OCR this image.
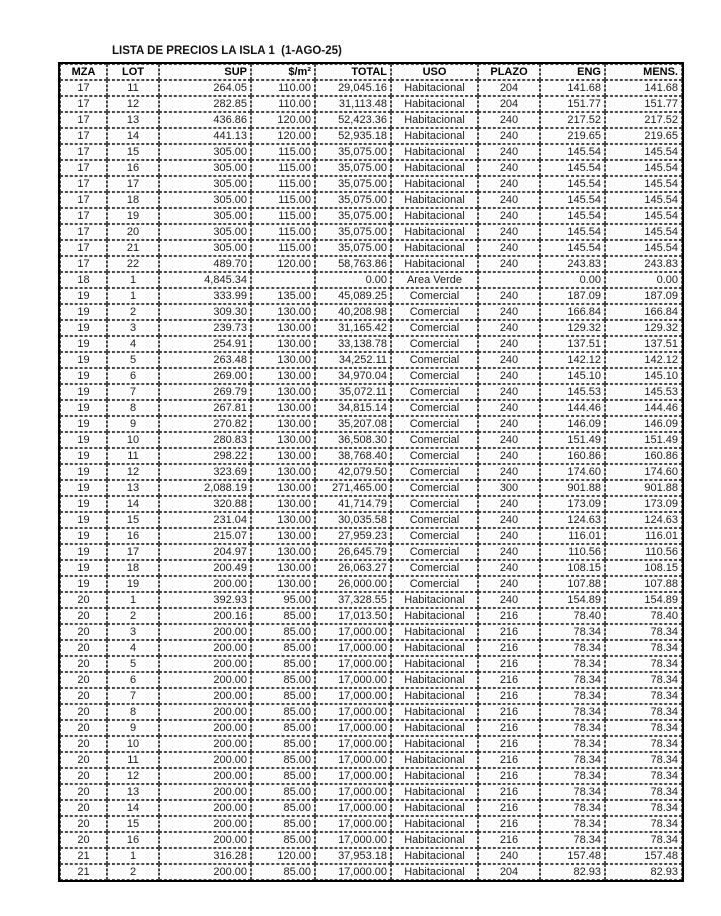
LISTA DE PRECIOS LA ISLA 1  (1-AGO-25)
MZA	LOT	SUP	$/m²	TOTAL	USO	PLAZO	ENG	MENS.
17	11	264.05	110.00	29,045.16	Habitacional	204	141.68	141.68
17	12	282.85	110.00	31,113.48	Habitacional	204	151.77	151.77
17	13	436.86	120.00	52,423.36	Habitacional	240	217.52	217.52
17	14	441.13	120.00	52,935.18	Habitacional	240	219.65	219.65
17	15	305.00	115.00	35,075.00	Habitacional	240	145.54	145.54
17	16	305.00	115.00	35,075.00	Habitacional	240	145.54	145.54
17	17	305.00	115.00	35,075.00	Habitacional	240	145.54	145.54
17	18	305.00	115.00	35,075.00	Habitacional	240	145.54	145.54
17	19	305.00	115.00	35,075.00	Habitacional	240	145.54	145.54
17	20	305.00	115.00	35,075.00	Habitacional	240	145.54	145.54
17	21	305.00	115.00	35,075.00	Habitacional	240	145.54	145.54
17	22	489.70	120.00	58,763.86	Habitacional	240	243.83	243.83
18	1	4,845.34		0.00	Area Verde		0.00	0.00
19	1	333.99	135.00	45,089.25	Comercial	240	187.09	187.09
19	2	309.30	130.00	40,208.98	Comercial	240	166.84	166.84
19	3	239.73	130.00	31,165.42	Comercial	240	129.32	129.32
19	4	254.91	130.00	33,138.78	Comercial	240	137.51	137.51
19	5	263.48	130.00	34,252.11	Comercial	240	142.12	142.12
19	6	269.00	130.00	34,970.04	Comercial	240	145.10	145.10
19	7	269.79	130.00	35,072.11	Comercial	240	145.53	145.53
19	8	267.81	130.00	34,815.14	Comercial	240	144.46	144.46
19	9	270.82	130.00	35,207.08	Comercial	240	146.09	146.09
19	10	280.83	130.00	36,508.30	Comercial	240	151.49	151.49
19	11	298.22	130.00	38,768.40	Comercial	240	160.86	160.86
19	12	323.69	130.00	42,079.50	Comercial	240	174.60	174.60
19	13	2,088.19	130.00	271,465.00	Comercial	300	901.88	901.88
19	14	320.88	130.00	41,714.79	Comercial	240	173.09	173.09
19	15	231.04	130.00	30,035.58	Comercial	240	124.63	124.63
19	16	215.07	130.00	27,959.23	Comercial	240	116.01	116.01
19	17	204.97	130.00	26,645.79	Comercial	240	110.56	110.56
19	18	200.49	130.00	26,063.27	Comercial	240	108.15	108.15
19	19	200.00	130.00	26,000.00	Comercial	240	107.88	107.88
20	1	392.93	95.00	37,328.55	Habitacional	240	154.89	154.89
20	2	200.16	85.00	17,013.50	Habitacional	216	78.40	78.40
20	3	200.00	85.00	17,000.00	Habitacional	216	78.34	78.34
20	4	200.00	85.00	17,000.00	Habitacional	216	78.34	78.34
20	5	200.00	85.00	17,000.00	Habitacional	216	78.34	78.34
20	6	200.00	85.00	17,000.00	Habitacional	216	78.34	78.34
20	7	200.00	85.00	17,000.00	Habitacional	216	78.34	78.34
20	8	200.00	85.00	17,000.00	Habitacional	216	78.34	78.34
20	9	200.00	85.00	17,000.00	Habitacional	216	78.34	78.34
20	10	200.00	85.00	17,000.00	Habitacional	216	78.34	78.34
20	11	200.00	85.00	17,000.00	Habitacional	216	78.34	78.34
20	12	200.00	85.00	17,000.00	Habitacional	216	78.34	78.34
20	13	200.00	85.00	17,000.00	Habitacional	216	78.34	78.34
20	14	200.00	85.00	17,000.00	Habitacional	216	78.34	78.34
20	15	200.00	85.00	17,000.00	Habitacional	216	78.34	78.34
20	16	200.00	85.00	17,000.00	Habitacional	216	78.34	78.34
21	1	316.28	120.00	37,953.18	Habitacional	240	157.48	157.48
21	2	200.00	85.00	17,000.00	Habitacional	204	82.93	82.93
